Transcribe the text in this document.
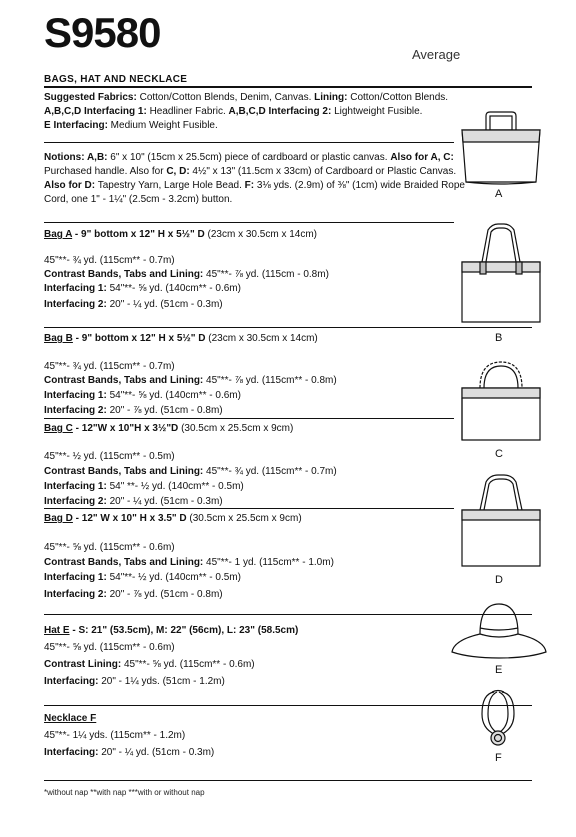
S9580	Average
BAGS, HAT AND NECKLACE
Suggested Fabrics: Cotton/Cotton Blends, Denim, Canvas. Lining: Cotton/Cotton Blends.
A,B,C,D Interfacing 1: Headliner Fabric. A,B,C,D Interfacing 2: Lightweight Fusible.
E Interfacing: Medium Weight Fusible.
Notions: A,B: 6" x 10" (15cm x 25.5cm) piece of cardboard or plastic canvas. Also for A, C:
Purchased handle. Also for C, D: 4½" x 13" (11.5cm x 33cm) of Cardboard or Plastic Canvas.
Also for D: Tapestry Yarn, Large Hole Bead. F: 3⅛ yds. (2.9m) of ⅜" (1cm) wide Braided Rope
Cord, one 1" - 1¼" (2.5cm - 3.2cm) button.
Bag A - 9" bottom x 12" H x 5½" D (23cm x 30.5cm x 14cm)
45"**- ¾ yd. (115cm** - 0.7m)
Contrast Bands, Tabs and Lining: 45"**- ⅞ yd. (115cm - 0.8m)
Interfacing 1: 54"**- ⅝ yd. (140cm** - 0.6m)
Interfacing 2: 20" - ¼ yd. (51cm - 0.3m)
Bag B - 9" bottom x 12" H x 5½" D (23cm x 30.5cm x 14cm)
45"**- ¾ yd. (115cm** - 0.7m)
Contrast Bands, Tabs and Lining: 45"**- ⅞ yd. (115cm** - 0.8m)
Interfacing 1: 54"**- ⅝ yd. (140cm** - 0.6m)
Interfacing 2: 20" - ⅞ yd. (51cm - 0.8m)
Bag C - 12"W x 10"H x 3½"D (30.5cm x 25.5cm x 9cm)
45"**- ½ yd. (115cm** - 0.5m)
Contrast Bands, Tabs and Lining: 45"**- ¾ yd. (115cm** - 0.7m)
Interfacing 1: 54" **- ½ yd. (140cm** - 0.5m)
Interfacing 2: 20" - ¼ yd. (51cm - 0.3m)
Bag D - 12" W x 10" H x 3.5" D (30.5cm x 25.5cm x 9cm)
45"**- ⅝ yd. (115cm** - 0.6m)
Contrast Bands, Tabs and Lining: 45"**- 1 yd. (115cm** - 1.0m)
Interfacing 1: 54"**- ½ yd. (140cm** - 0.5m)
Interfacing 2: 20" - ⅞ yd. (51cm - 0.8m)
Hat E - S: 21" (53.5cm), M: 22" (56cm), L: 23" (58.5cm)
45"**- ⅝ yd. (115cm** - 0.6m)
Contrast Lining: 45"**- ⅝ yd. (115cm** - 0.6m)
Interfacing: 20" - 1¼ yds. (51cm - 1.2m)
Necklace F
45"**- 1¼ yds. (115cm** - 1.2m)
Interfacing: 20" - ¼ yd. (51cm - 0.3m)
*without nap **with nap ***with or without nap
A
B
C
D
E
F
